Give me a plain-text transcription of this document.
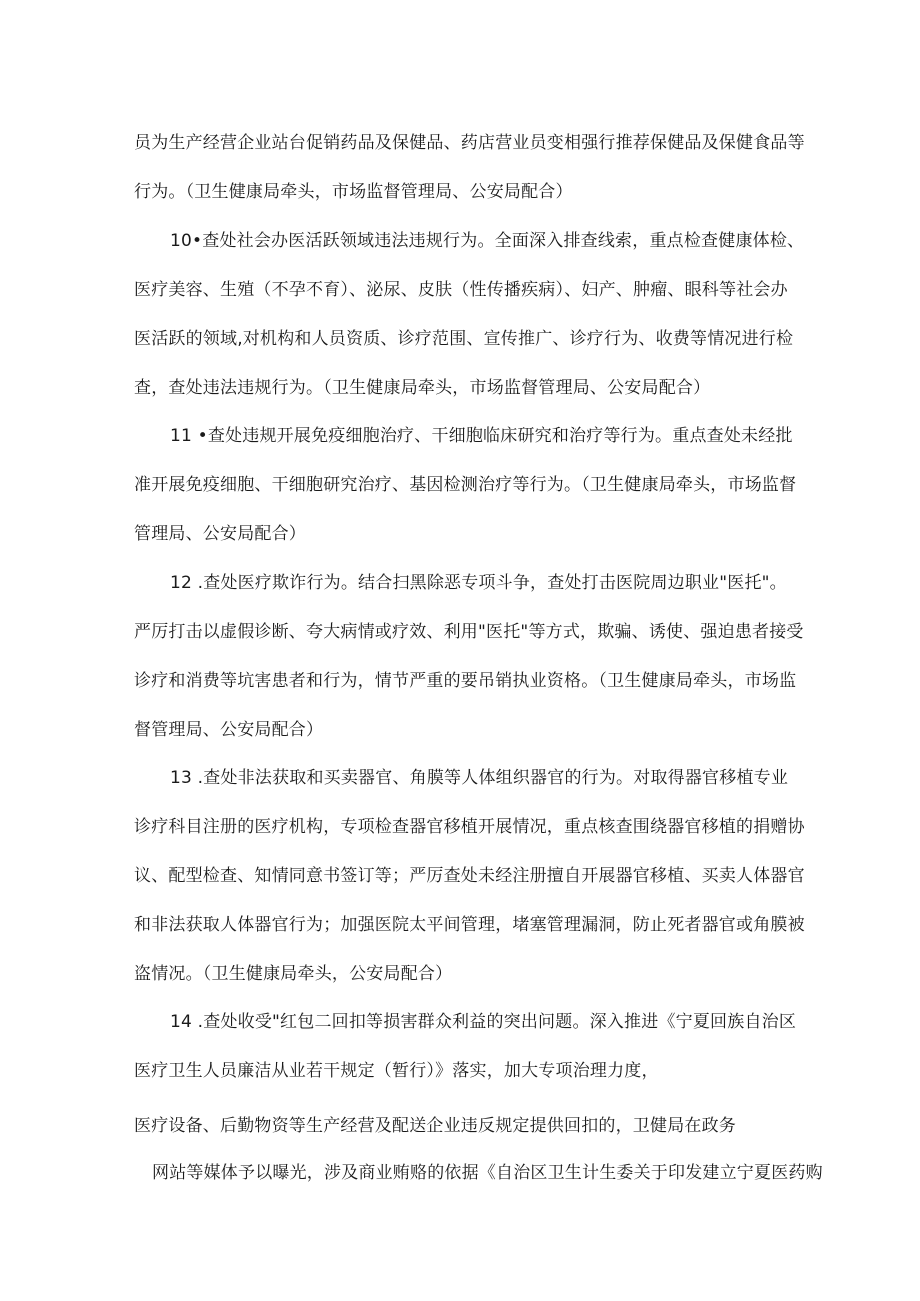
员为生产经营企业站台促销药品及保健品、药店营业员变相强行推荐保健品及保健食品等
行为。（卫生健康局牵头，市场监督管理局、公安局配合）
10•查处社会办医活跃领域违法违规行为。全面深入排查线索，重点检查健康体检、
医疗美容、生殖（不孕不育）、泌尿、皮肤（性传播疾病）、妇产、肿瘤、眼科等社会办
医活跃的领域,对机构和人员资质、诊疗范围、宣传推广、诊疗行为、收费等情况进行检
查，查处违法违规行为。（卫生健康局牵头，市场监督管理局、公安局配合）
11 •查处违规开展免疫细胞治疗、干细胞临床研究和治疗等行为。重点查处未经批
准开展免疫细胞、干细胞研究治疗、基因检测治疗等行为。（卫生健康局牵头，市场监督
管理局、公安局配合）
12 .查处医疗欺诈行为。结合扫黑除恶专项斗争，查处打击医院周边职业"医托"。
严厉打击以虚假诊断、夸大病情或疗效、利用"医托"等方式，欺骗、诱使、强迫患者接受
诊疗和消费等坑害患者和行为，情节严重的要吊销执业资格。（卫生健康局牵头，市场监
督管理局、公安局配合）
13 .查处非法获取和买卖器官、角膜等人体组织器官的行为。对取得器官移植专业
诊疗科目注册的医疗机构，专项检查器官移植开展情况，重点核查围绕器官移植的捐赠协
议、配型检查、知情同意书签订等；严厉查处未经注册擅自开展器官移植、买卖人体器官
和非法获取人体器官行为；加强医院太平间管理，堵塞管理漏洞，防止死者器官或角膜被
盗情况。（卫生健康局牵头，公安局配合）
14 .查处收受"红包二回扣等损害群众利益的突出问题。深入推进《宁夏回族自治区
医疗卫生人员廉洁从业若干规定（暂行）》落实，加大专项治理力度，
医疗设备、后勤物资等生产经营及配送企业违反规定提供回扣的，卫健局在政务
网站等媒体予以曝光，涉及商业贿赂的依据《自治区卫生计生委关于印发建立宁夏医药购
